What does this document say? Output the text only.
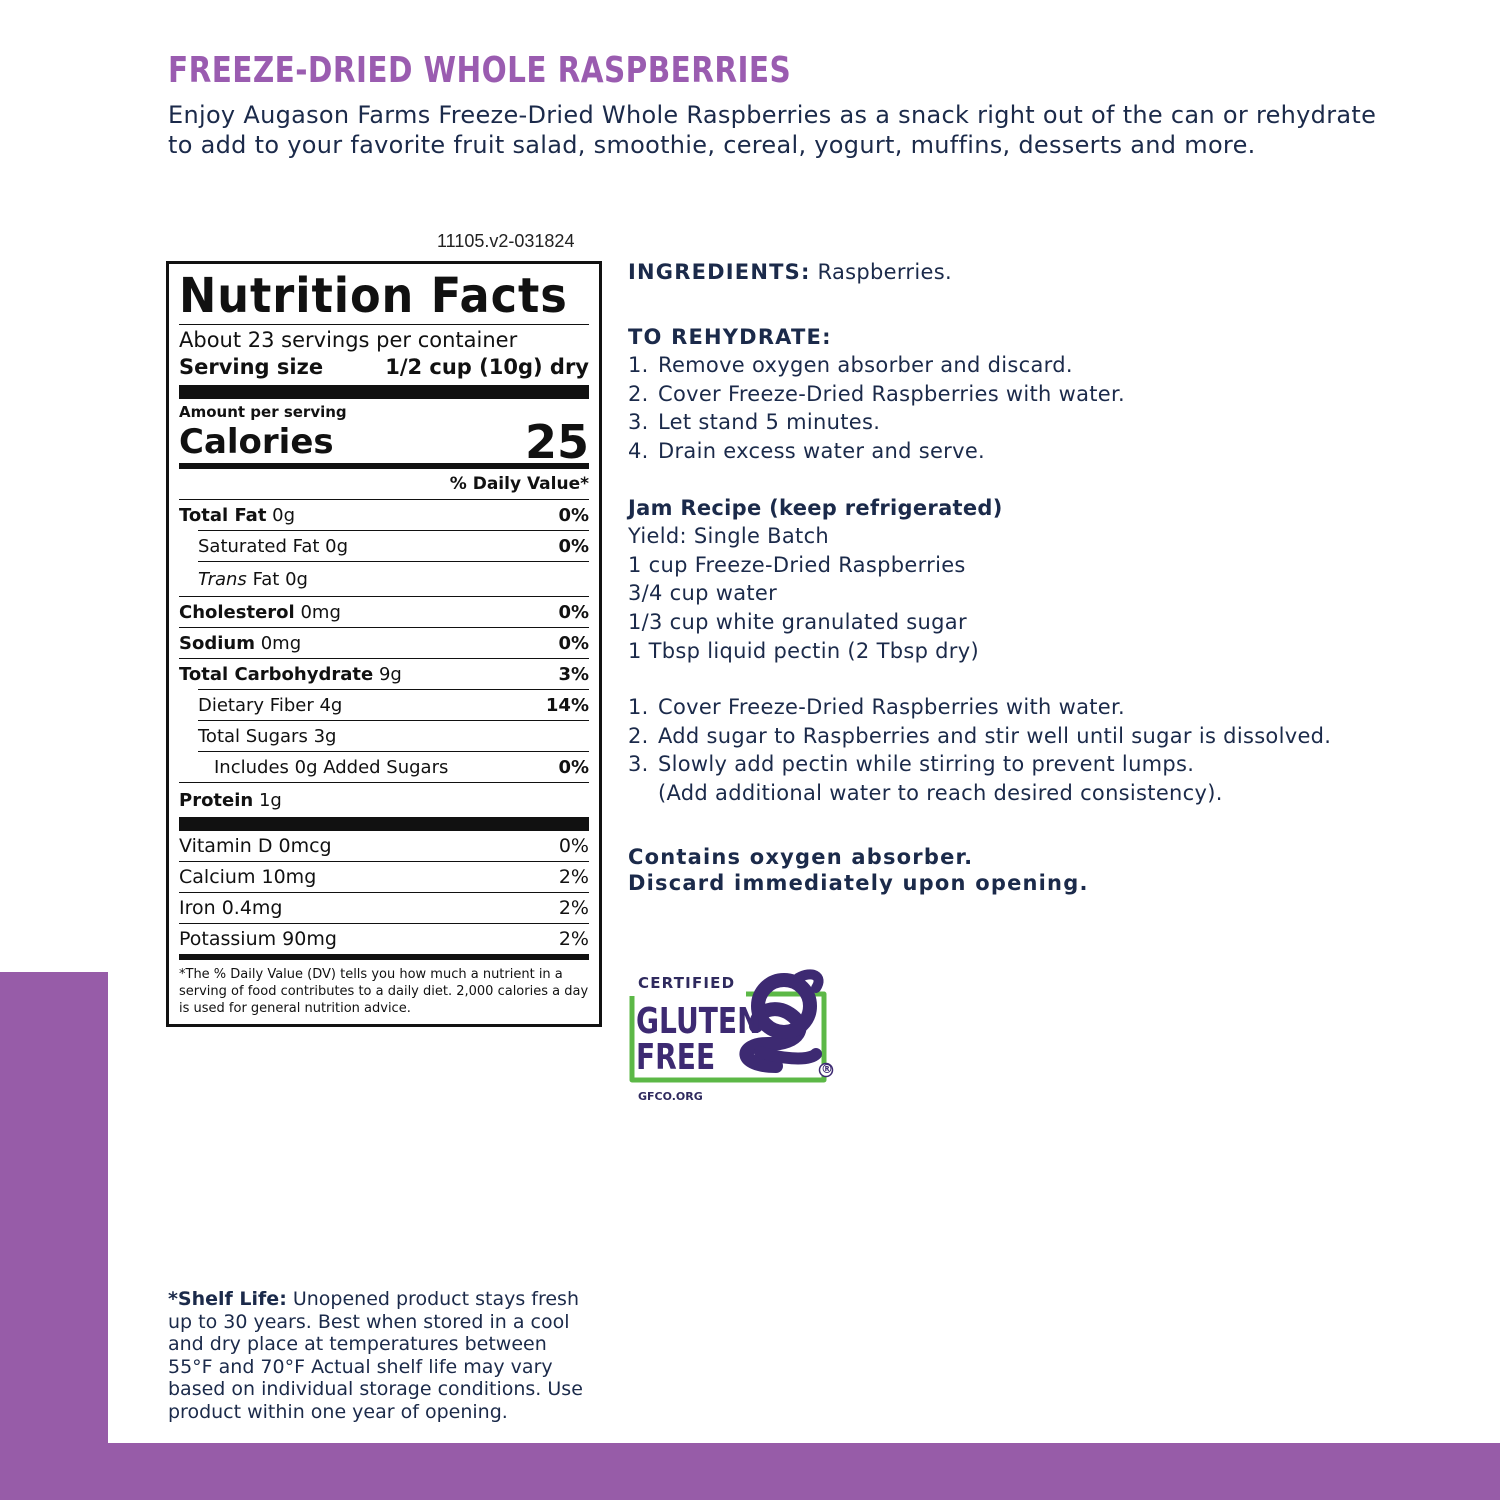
FREEZE-DRIED WHOLE RASPBERRIES

Enjoy Augason Farms Freeze-Dried Whole Raspberries as a snack right out of the can or rehydrate to add to your favorite fruit salad, smoothie, cereal, yogurt, muffins, desserts and more.

11105.v2-031824
Nutrition Facts
About 23 servings per container
Serving size	1/2 cup (10g) dry
Amount per serving
Calories	25
% Daily Value*
Total Fat 0g	0%
Saturated Fat 0g	0%
Trans Fat 0g
Cholesterol 0mg	0%
Sodium 0mg	0%
Total Carbohydrate 9g	3%
Dietary Fiber 4g	14%
Total Sugars 3g
Includes 0g Added Sugars	0%
Protein 1g
Vitamin D 0mcg	0%
Calcium 10mg	2%
Iron 0.4mg	2%
Potassium 90mg	2%
*The % Daily Value (DV) tells you how much a nutrient in a serving of food contributes to a daily diet. 2,000 calories a day is used for general nutrition advice.
INGREDIENTS: Raspberries.
TO REHYDRATE:
1. Remove oxygen absorber and discard.
2. Cover Freeze-Dried Raspberries with water.
3. Let stand 5 minutes.
4. Drain excess water and serve.
Jam Recipe (keep refrigerated)
Yield: Single Batch
1 cup Freeze-Dried Raspberries
3/4 cup water
1/3 cup white granulated sugar
1 Tbsp liquid pectin (2 Tbsp dry)
1. Cover Freeze-Dried Raspberries with water.
2. Add sugar to Raspberries and stir well until sugar is dissolved.
3. Slowly add pectin while stirring to prevent lumps.
(Add additional water to reach desired consistency).
Contains oxygen absorber.
Discard immediately upon opening.
CERTIFIED
GLUTEN
FREE	®
GFCO.ORG
*Shelf Life: Unopened product stays fresh up to 30 years. Best when stored in a cool and dry place at temperatures between 55°F and 70°F Actual shelf life may vary based on individual storage conditions. Use product within one year of opening.
